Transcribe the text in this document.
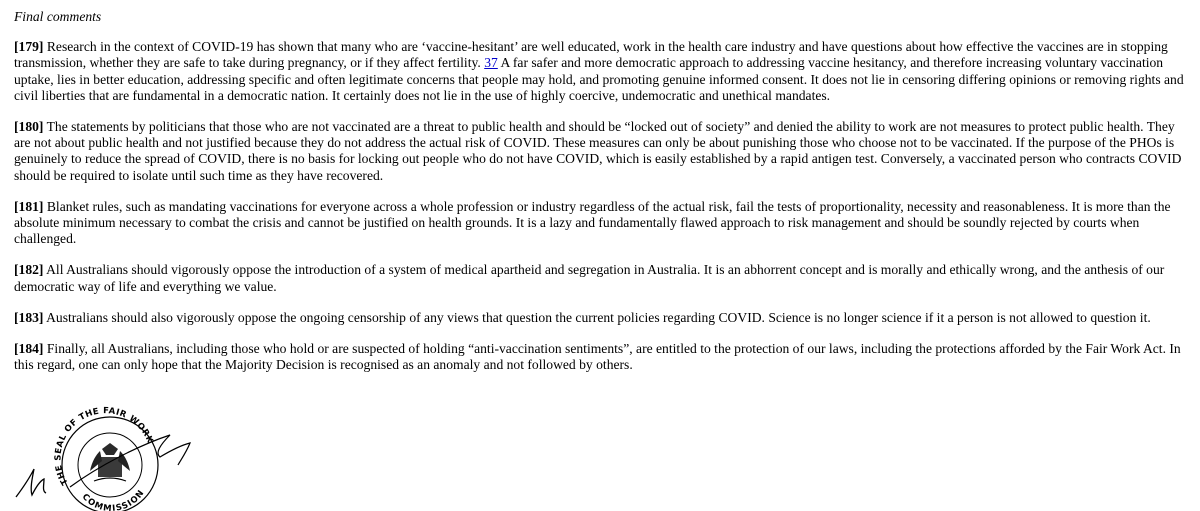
Final comments

[179] Research in the context of COVID-19 has shown that many who are ‘vaccine-hesitant’ are well educated, work in the health care industry and have questions about how effective the vaccines are in stopping transmission, whether they are safe to take during pregnancy, or if they affect fertility. 37 A far safer and more democratic approach to addressing vaccine hesitancy, and therefore increasing voluntary vaccination uptake, lies in better education, addressing specific and often legitimate concerns that people may hold, and promoting genuine informed consent. It does not lie in censoring differing opinions or removing rights and civil liberties that are fundamental in a democratic nation. It certainly does not lie in the use of highly coercive, undemocratic and unethical mandates.

[180] The statements by politicians that those who are not vaccinated are a threat to public health and should be “locked out of society” and denied the ability to work are not measures to protect public health. They are not about public health and not justified because they do not address the actual risk of COVID. These measures can only be about punishing those who choose not to be vaccinated. If the purpose of the PHOs is genuinely to reduce the spread of COVID, there is no basis for locking out people who do not have COVID, which is easily established by a rapid antigen test. Conversely, a vaccinated person who contracts COVID should be required to isolate until such time as they have recovered.

[181] Blanket rules, such as mandating vaccinations for everyone across a whole profession or industry regardless of the actual risk, fail the tests of proportionality, necessity and reasonableness. It is more than the absolute minimum necessary to combat the crisis and cannot be justified on health grounds. It is a lazy and fundamentally flawed approach to risk management and should be soundly rejected by courts when challenged.

[182] All Australians should vigorously oppose the introduction of a system of medical apartheid and segregation in Australia. It is an abhorrent concept and is morally and ethically wrong, and the anthesis of our democratic way of life and everything we value.

[183] Australians should also vigorously oppose the ongoing censorship of any views that question the current policies regarding COVID. Science is no longer science if it a person is not allowed to question it.

[184] Finally, all Australians, including those who hold or are suspected of holding “anti-vaccination sentiments”, are entitled to the protection of our laws, including the protections afforded by the Fair Work Act. In this regard, one can only hope that the Majority Decision is recognised as an anomaly and not followed by others.

THE SEAL OF THE FAIR WORK
COMMISSION
